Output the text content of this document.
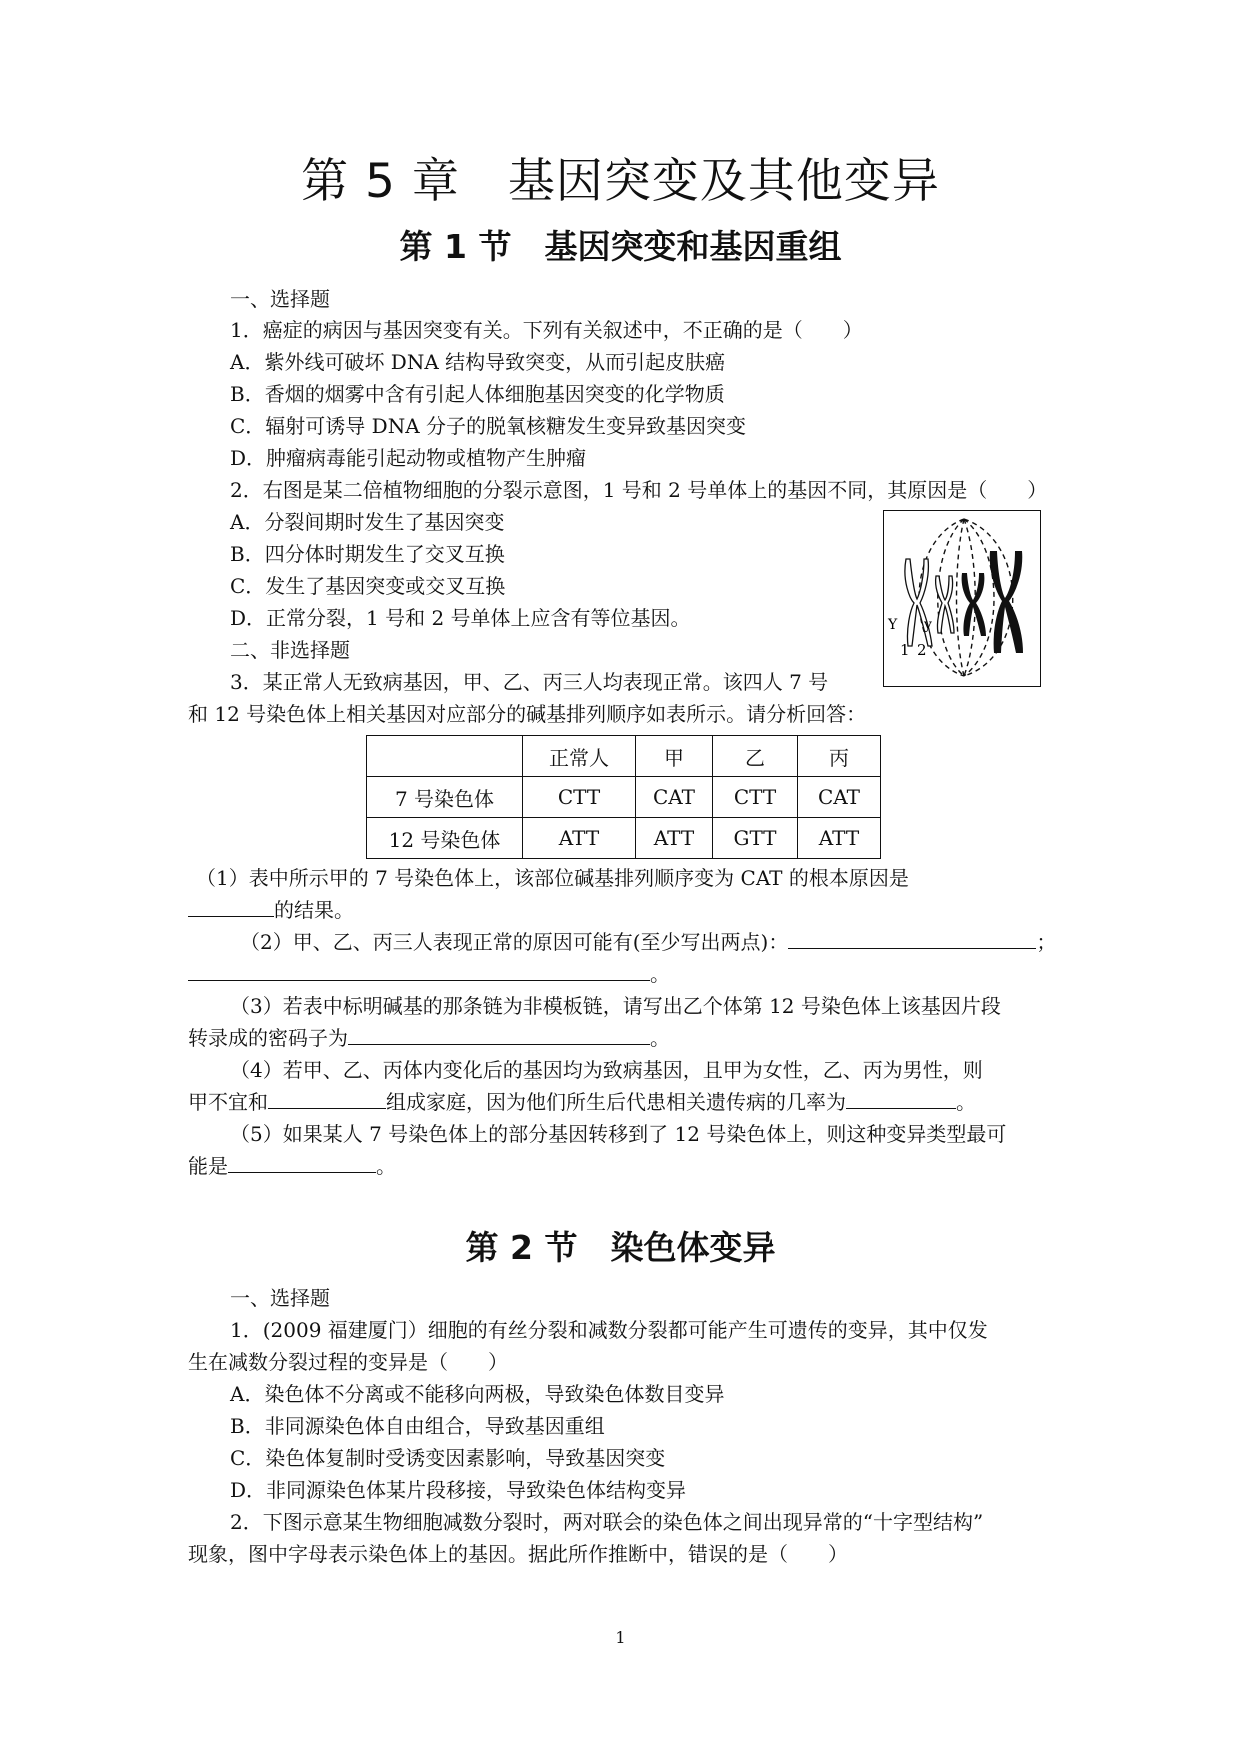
第 5 章　基因突变及其他变异
第 1 节　基因突变和基因重组
一、选择题
1．癌症的病因与基因突变有关。下列有关叙述中，不正确的是（　　）
A．紫外线可破坏 DNA 结构导致突变，从而引起皮肤癌
B．香烟的烟雾中含有引起人体细胞基因突变的化学物质
C．辐射可诱导 DNA 分子的脱氧核糖发生变异致基因突变
D．肿瘤病毒能引起动物或植物产生肿瘤
2．右图是某二倍植物细胞的分裂示意图，1 号和 2 号单体上的基因不同，其原因是（　　）
A．分裂间期时发生了基因突变
B．四分体时期发生了交叉互换
C．发生了基因突变或交叉互换
D．正常分裂，1 号和 2 号单体上应含有等位基因。	Y y
1 2
二、非选择题
3．某正常人无致病基因，甲、乙、丙三人均表现正常。该四人 7 号
和 12 号染色体上相关基因对应部分的碱基排列顺序如表所示。请分析回答：
	正常人	甲	乙	丙
7 号染色体	CTT	CAT	CTT	CAT
12 号染色体	ATT	ATT	GTT	ATT
（1）表中所示甲的 7 号染色体上，该部位碱基排列顺序变为 CAT 的根本原因是
的结果。
（2）甲、乙、丙三人表现正常的原因可能有(至少写出两点)：	；
。
（3）若表中标明碱基的那条链为非模板链，请写出乙个体第 12 号染色体上该基因片段
转录成的密码子为	。
（4）若甲、乙、丙体内变化后的基因均为致病基因，且甲为女性，乙、丙为男性，则
甲不宜和	组成家庭，因为他们所生后代患相关遗传病的几率为	。
（5）如果某人 7 号染色体上的部分基因转移到了 12 号染色体上，则这种变异类型最可
能是	。
第 2 节　染色体变异
一、选择题
1．(2009 福建厦门）细胞的有丝分裂和减数分裂都可能产生可遗传的变异，其中仅发
生在减数分裂过程的变异是（　　）
A．染色体不分离或不能移向两极，导致染色体数目变异
B．非同源染色体自由组合，导致基因重组
C．染色体复制时受诱变因素影响，导致基因突变
D．非同源染色体某片段移接，导致染色体结构变异
2．下图示意某生物细胞减数分裂时，两对联会的染色体之间出现异常的“十字型结构”
现象，图中字母表示染色体上的基因。据此所作推断中，错误的是（　　）
1
